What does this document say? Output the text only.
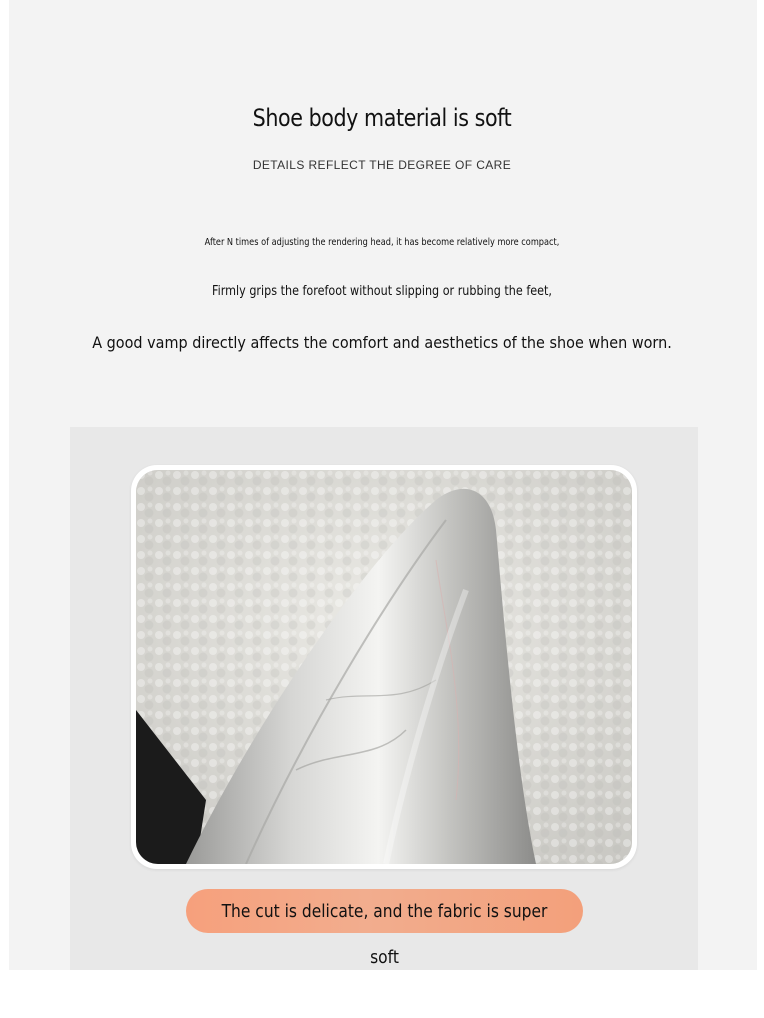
Shoe body material is soft
DETAILS REFLECT THE DEGREE OF CARE
After N times of adjusting the rendering head, it has become relatively more compact,
Firmly grips the forefoot without slipping or rubbing the feet,
A good vamp directly affects the comfort and aesthetics of the shoe when worn.
The cut is delicate, and the fabric is super soft
